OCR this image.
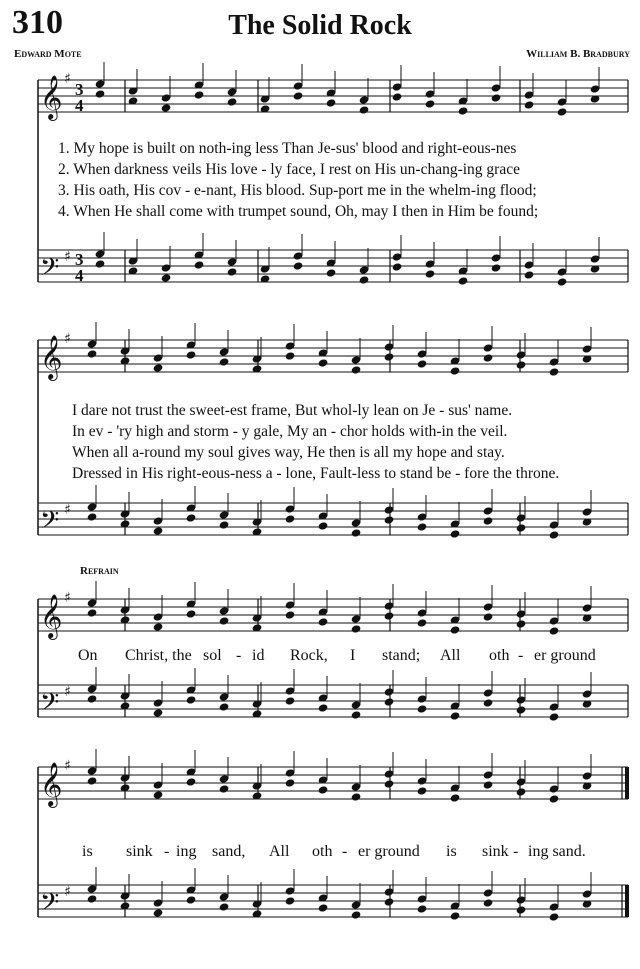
310	The Solid Rock
Edward Mote	William B. Bradbury
𝄞 ♯
3
4
𝄢 ♯ 3
4
1. My hope is built on noth-ing less Than Je-sus' blood and right-eous-nes
2. When darkness veils His love - ly face, I rest on His un-chang-ing grace
3. His oath, His cov - e-nant, His blood. Sup-port me in the whelm-ing flood;
4. When He shall come with trumpet sound, Oh, may I then in Him be found;
𝄞 ♯
𝄢 ♯
I dare not trust the sweet-est frame, But whol-ly lean on Je - sus' name.
In ev - 'ry high and storm - y gale, My an - chor holds with-in the veil.
When all a-round my soul gives way, He then is all my hope and stay.
Dressed in His right-eous-ness a - lone, Fault-less to stand be - fore the throne.
Refrain
𝄞 ♯
𝄢 ♯
On Christ, the sol - id Rock, I stand; All oth - er ground
𝄞 ♯
𝄢 ♯
is sink - ing sand, All oth - er ground is sink - ing sand.
